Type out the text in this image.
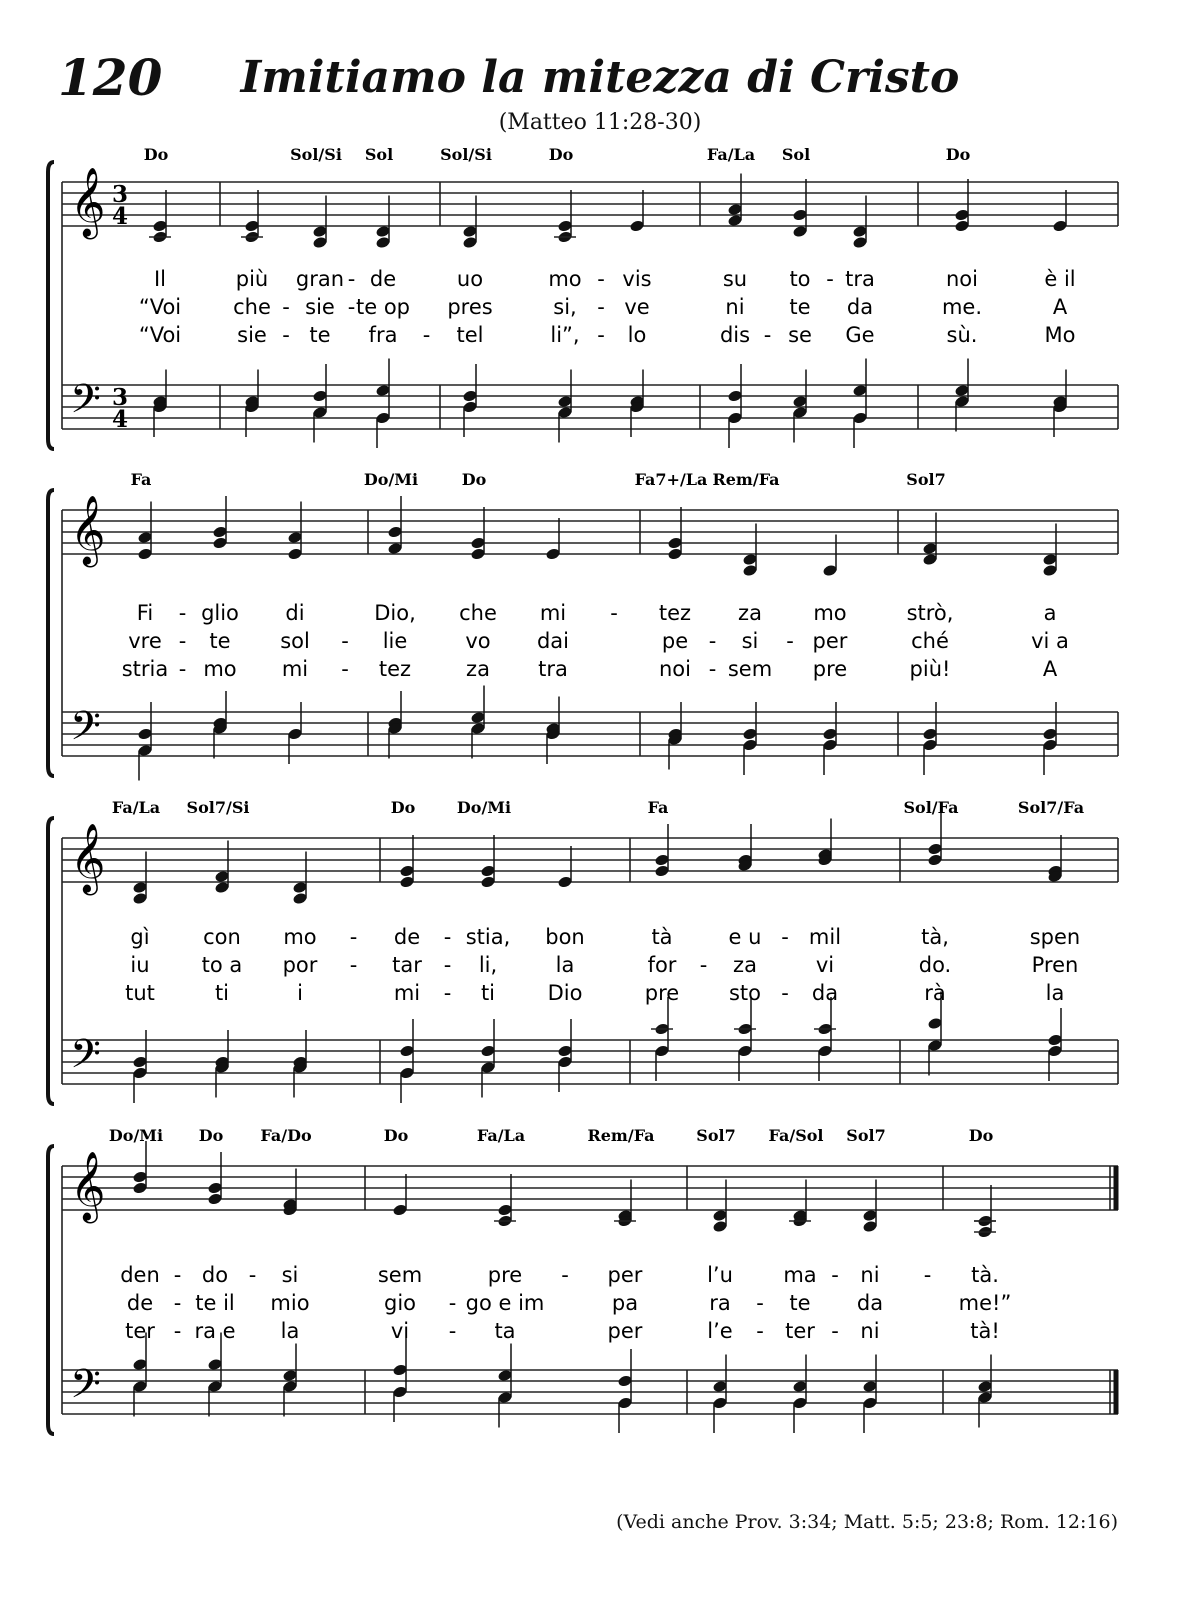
120	Imitiamo la mitezza di Cristo
(Matteo 11:28-30)
𝄞
𝄢
3
4
3
4
Do
Il
“Voi
“Voi
più
che -
sie -
Sol/Si
gran -
sie -
te
Sol
de
te op
fra -
Sol/Si
uo
pres
tel
Do
mo -
si, -
li”, -
vis
ve
lo
Fa/La
su
ni
dis -
Sol
to -
te
se
tra
da
Ge
Do
noi
me.
sù.
è il
A
Mo
𝄞
𝄢
Fa
Fi -
vre -
stria -
glio
te
mo
di
sol -
mi -
Do/Mi
Dio,
lie
tez
Do
che
vo
za
mi -
dai
tra
Fa7+/La
tez
pe -
noi -
Rem/Fa
za
si -
sem
mo
per
pre
Sol7
strò,
ché
più!
a
vi a
A
𝄞
𝄢
Fa/La
gì
iu
tut
Sol7/Si
con
to a
ti
mo -
por -
i
Do
de -
tar -
mi -
Do/Mi
stia,
li,
ti
bon
la
Dio
Fa
tà
for -
pre
e u -
za
sto -
mil
vi
da
Sol/Fa
tà,
do.
rà
Sol7/Fa
spen
Pren
la
𝄞
𝄢
Do/Mi
den -
de -
ter -
Do
do -
te il
ra e
Fa/Do
si
mio
la
Do
sem
gio -
vi -
Fa/La
pre -
go e im
ta
Rem/Fa
per
pa
per
Sol7
l’u
ra -
l’e -
Fa/Sol
ma -
te
ter -
Sol7
ni -
da
ni
Do
tà.
me!”
tà!
(Vedi anche Prov. 3:34; Matt. 5:5; 23:8; Rom. 12:16)
